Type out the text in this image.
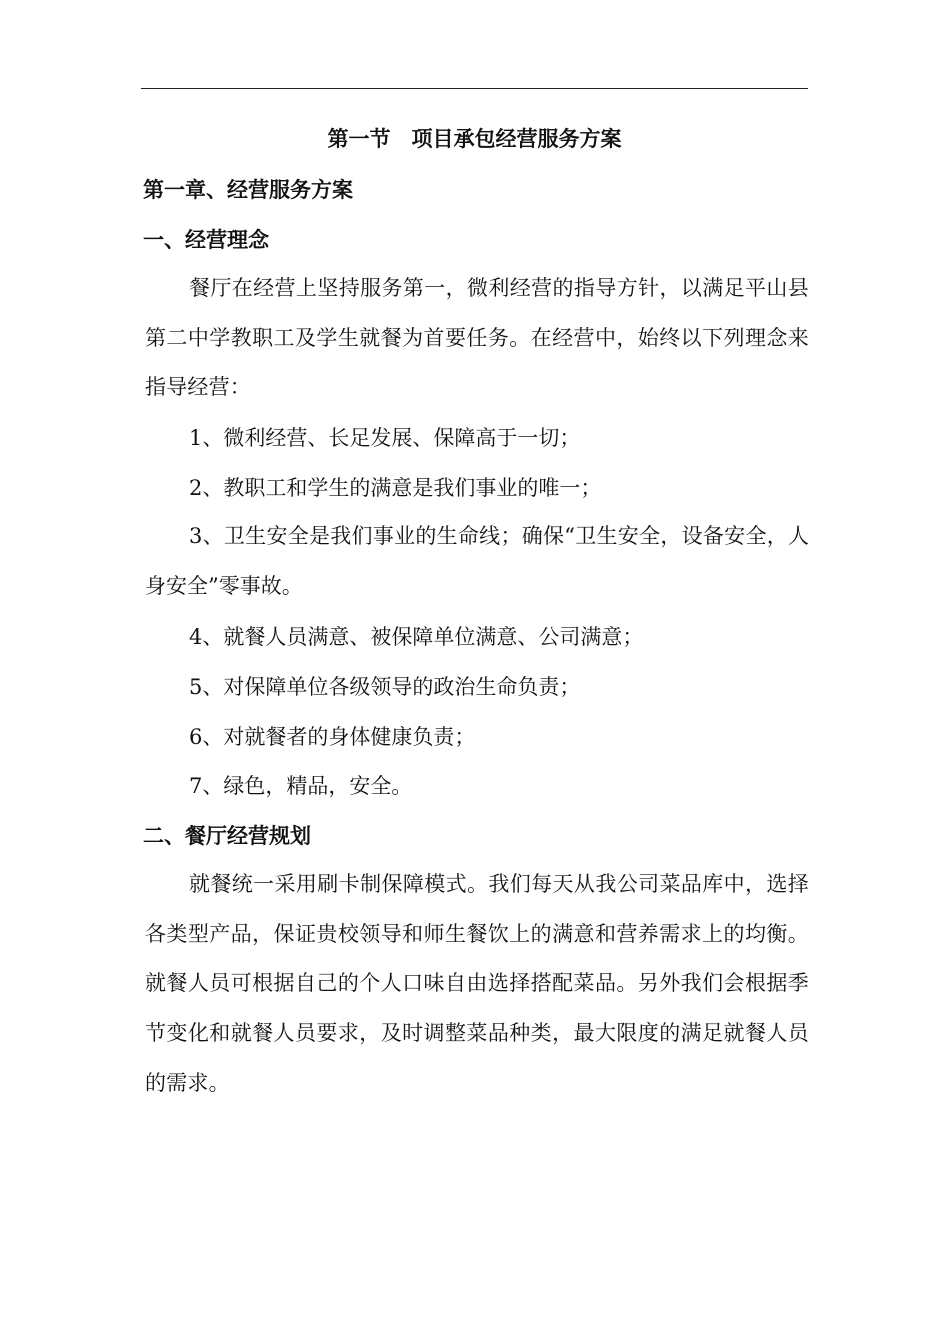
第一节　项目承包经营服务方案
第一章、经营服务方案
一、经营理念
餐厅在经营上坚持服务第一，微利经营的指导方针，以满足平山县第二中学教职工及学生就餐为首要任务。在经营中，始终以下列理念来指导经营：
1、微利经营、长足发展、保障高于一切；
2、教职工和学生的满意是我们事业的唯一；
3、卫生安全是我们事业的生命线；确保“卫生安全，设备安全，人身安全”零事故。
4、就餐人员满意、被保障单位满意、公司满意；
5、对保障单位各级领导的政治生命负责；
6、对就餐者的身体健康负责；
7、绿色，精品，安全。
二、餐厅经营规划
就餐统一采用刷卡制保障模式。我们每天从我公司菜品库中，选择各类型产品，保证贵校领导和师生餐饮上的满意和营养需求上的均衡。就餐人员可根据自己的个人口味自由选择搭配菜品。另外我们会根据季节变化和就餐人员要求，及时调整菜品种类，最大限度的满足就餐人员的需求。
